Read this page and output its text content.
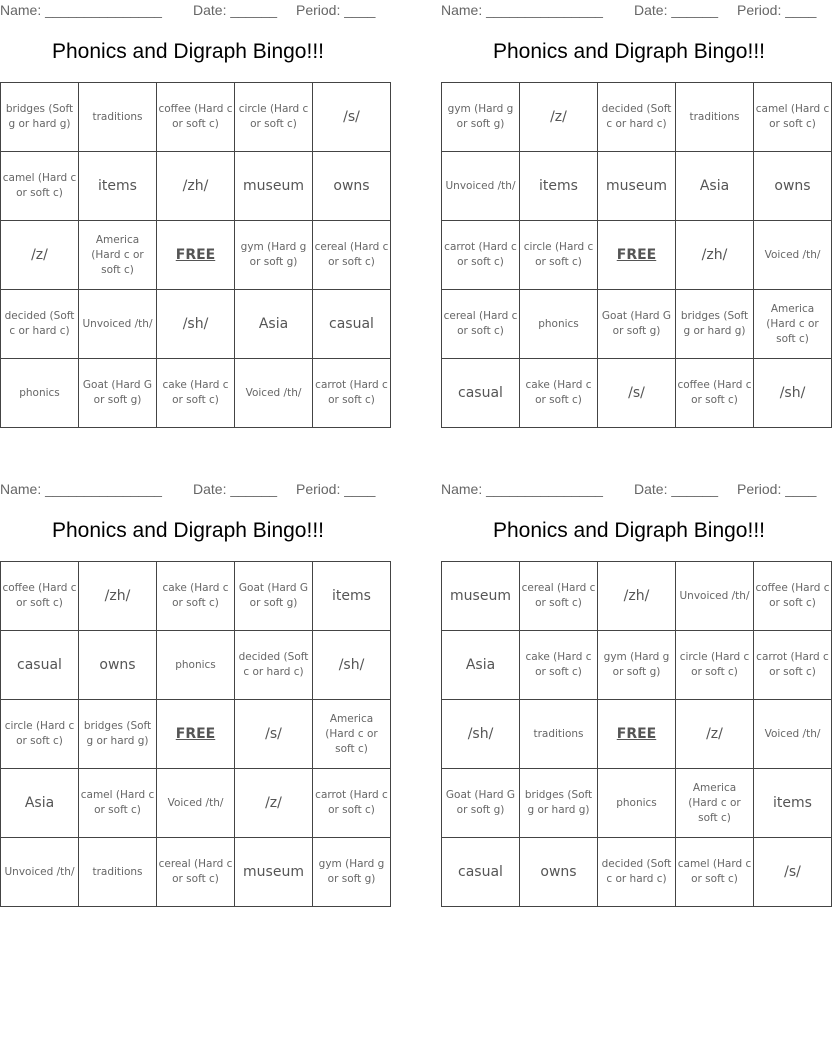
Name: _______________ Date: ______ Period: ____
Phonics and Digraph Bingo!!!
bridges (Soft g or hard g)	traditions	coffee (Hard c or soft c)	circle (Hard c or soft c)	/s/
camel (Hard c or soft c)	items	/zh/	museum	owns
/z/	America (Hard c or soft c)	FREE	gym (Hard g or soft g)	cereal (Hard c or soft c)
decided (Soft c or hard c)	Unvoiced /th/	/sh/	Asia	casual
phonics	Goat (Hard G or soft g)	cake (Hard c or soft c)	Voiced /th/	carrot (Hard c or soft c)
Name: _______________ Date: ______ Period: ____
Phonics and Digraph Bingo!!!
gym (Hard g or soft g)	/z/	decided (Soft c or hard c)	traditions	camel (Hard c or soft c)
Unvoiced /th/	items	museum	Asia	owns
carrot (Hard c or soft c)	circle (Hard c or soft c)	FREE	/zh/	Voiced /th/
cereal (Hard c or soft c)	phonics	Goat (Hard G or soft g)	bridges (Soft g or hard g)	America (Hard c or soft c)
casual	cake (Hard c or soft c)	/s/	coffee (Hard c or soft c)	/sh/
Name: _______________ Date: ______ Period: ____
Phonics and Digraph Bingo!!!
coffee (Hard c or soft c)	/zh/	cake (Hard c or soft c)	Goat (Hard G or soft g)	items
casual	owns	phonics	decided (Soft c or hard c)	/sh/
circle (Hard c or soft c)	bridges (Soft g or hard g)	FREE	/s/	America (Hard c or soft c)
Asia	camel (Hard c or soft c)	Voiced /th/	/z/	carrot (Hard c or soft c)
Unvoiced /th/	traditions	cereal (Hard c or soft c)	museum	gym (Hard g or soft g)
Name: _______________ Date: ______ Period: ____
Phonics and Digraph Bingo!!!
museum	cereal (Hard c or soft c)	/zh/	Unvoiced /th/	coffee (Hard c or soft c)
Asia	cake (Hard c or soft c)	gym (Hard g or soft g)	circle (Hard c or soft c)	carrot (Hard c or soft c)
/sh/	traditions	FREE	/z/	Voiced /th/
Goat (Hard G or soft g)	bridges (Soft g or hard g)	phonics	America (Hard c or soft c)	items
casual	owns	decided (Soft c or hard c)	camel (Hard c or soft c)	/s/
